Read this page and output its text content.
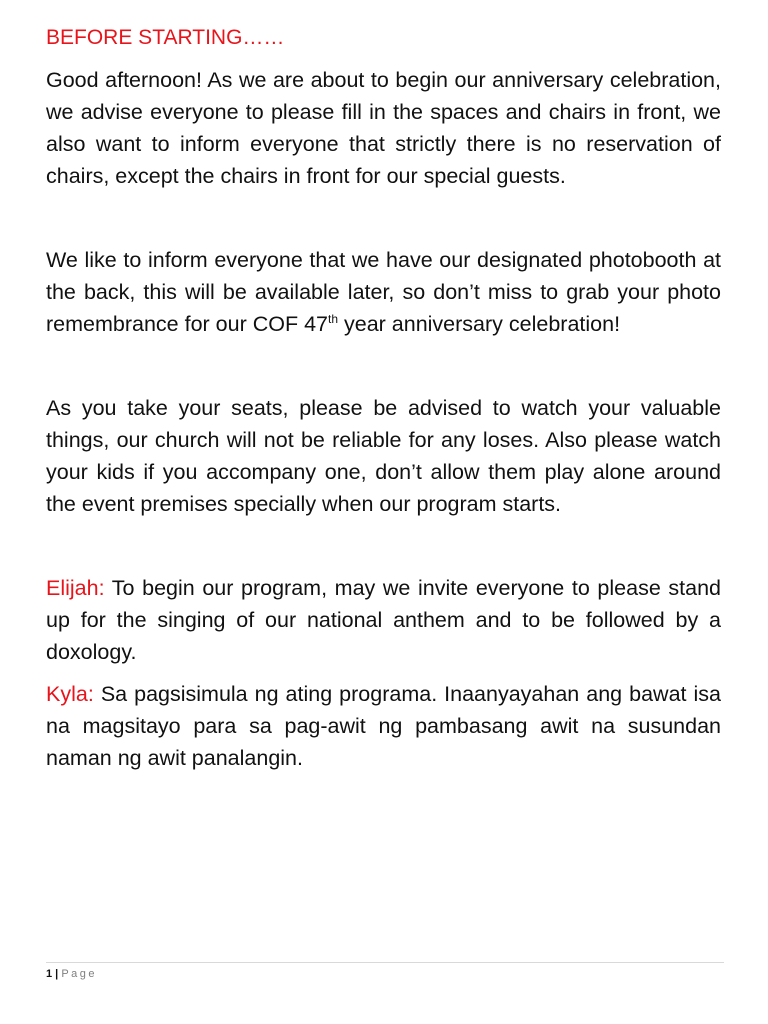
BEFORE STARTING……

Good afternoon! As we are about to begin our anniversary celebration, we advise everyone to please fill in the spaces and chairs in front, we also want to inform everyone that strictly there is no reservation of chairs, except the chairs in front for our special guests.

We like to inform everyone that we have our designated photobooth at the back, this will be available later, so don’t miss to grab your photo remembrance for our COF 47th year anniversary celebration!

As you take your seats, please be advised to watch your valuable things, our church will not be reliable for any loses. Also please watch your kids if you accompany one, don’t allow them play alone around the event premises specially when our program starts.

Elijah: To begin our program, may we invite everyone to please stand up for the singing of our national anthem and to be followed by a doxology.

Kyla: Sa pagsisimula ng ating programa. Inaanyayahan ang bawat isa na magsitayo para sa pag-awit ng pambasang awit na susundan naman ng awit panalangin.

1 | Page
